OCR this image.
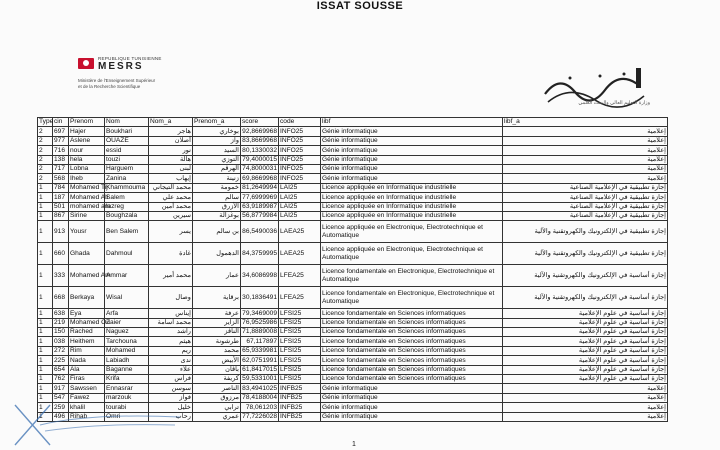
ISSAT SOUSSE
REPUBLIQUE TUNISIENNE
MESRS
Ministère de l'Enseignement Supérieur
et de la Recherche Scientifique
وزارة التعليم العالي والبحث العلمي
Type	cin	Prenom	Nom	Nom_a	Prenom_a	score	code	libf	libf_a
2	697	Hajer	Boukhari	هاجر	بوخاري	92,8669968	INFO25	Génie informatique	إعلامية
2	977	Aslene	OUAZE	أصلان	واز	83,8669968	INFO25	Génie informatique	إعلامية
2	716	nour	essid	نور	السيد	80,1330032	INFO25	Génie informatique	إعلامية
2	138	hela	touzi	هالة	التوزي	79,4000015	INFO25	Génie informatique	إعلامية
2	717	Lobna	Harguem	لبنى	الهرڨم	74,8000031	INFO25	Génie informatique	إعلامية
2	568	Iheb	Zanina	إيهاب	زنينة	69,8669968	INFO25	Génie informatique	إعلامية
1	784	Mohamed Tij	Khammouma	محمد التيجاني	خمومة	81,2649994	LAI25	Licence appliquée en Informatique industrielle	إجازة تطبيقية في الإعلامية الصناعية
1	187	Mohamed Ali	Salem	محمد علي	سالم	77,6999969	LAI25	Licence appliquée en Informatique industrielle	إجازة تطبيقية في الإعلامية الصناعية
1	501	mohamed am	lazreg	محمد أمين	الأزرق	63,9189987	LAI25	Licence appliquée en Informatique industrielle	إجازة تطبيقية في الإعلامية الصناعية
1	867	Sirine	Boughzala	سيرين	بوغزالة	56,8779984	LAI25	Licence appliquée en Informatique industrielle	إجازة تطبيقية في الإعلامية الصناعية
1	913	Yousr	Ben Salem	يسر	بن سالم	86,5490036	LAEA25	Licence appliquée en Electronique, Electrotechnique et Automatique	إجازة تطبيقية في الإلكترونيك والكهروتقنية والآلية
1	660	Ghada	Dahmoul	غادة	الدهمول	84,3759995	LAEA25	Licence appliquée en Electronique, Electrotechnique et Automatique	إجازة تطبيقية في الإلكترونيك والكهروتقنية والآلية
1	333	Mohamed Am	Ammar	محمد أمير	عمار	34,6086998	LFEA25	Licence fondamentale en Electronique, Electrotechnique et Automatique	إجازة أساسية في الإلكترونيك والكهروتقنية والآلية
1	668	Berkaya	Wisal	وصال	برقاية	30,1836491	LFEA25	Licence fondamentale en Electronique, Electrotechnique et Automatique	إجازة أساسية في الإلكترونيك والكهروتقنية والآلية
1	638	Eya	Arfa	إيناس	عرفة	79,3469009	LFSI25	Licence fondamentale en Sciences informatiques	إجازة أساسية في علوم الإعلامية
1	219	Mohamed Ou	Zaier	محمد اسامة	الزاير	76,9525986	LFSI25	Licence fondamentale en Sciences informatiques	إجازة أساسية في علوم الإعلامية
1	150	Rached	Naguez	راشد	الناڨز	71,8889008	LFSI25	Licence fondamentale en Sciences informatiques	إجازة أساسية في علوم الإعلامية
1	038	Heithem	Tarchouna	هيثم	طرشونة	67,117897	LFSI25	Licence fondamentale en Sciences informatiques	إجازة أساسية في علوم الإعلامية
1	272	Rim	Mohamed	ريم	محمد	65,9339981	LFSI25	Licence fondamentale en Sciences informatiques	إجازة أساسية في علوم الإعلامية
1	225	Nada	Labiadh	ندى	الأبيض	62,0751991	LFSI25	Licence fondamentale en Sciences informatiques	إجازة أساسية في علوم الإعلامية
1	654	Ala	Baganne	علاء	باڨان	61,8417015	LFSI25	Licence fondamentale en Sciences informatiques	إجازة أساسية في علوم الإعلامية
1	762	Firas	Krifa	فراس	كريفة	59,5331001	LFSI25	Licence fondamentale en Sciences informatiques	إجازة أساسية في علوم الإعلامية
1	917	Sawssen	Ennasrar	سوسن	الناصر	83,4941025	INFB25	Génie informatique	إعلامية
1	547	Fawez	marzouk	فواز	مرزوق	78,4188004	INFB25	Génie informatique	إعلامية
1	259	khalil	tourabi	خليل	ترابي	78,061203	INFB25	Génie informatique	إعلامية
1	496	Rihab	Omri	رحاب	عمري	77,7226028	INFB25	Génie informatique	إعلامية
1
